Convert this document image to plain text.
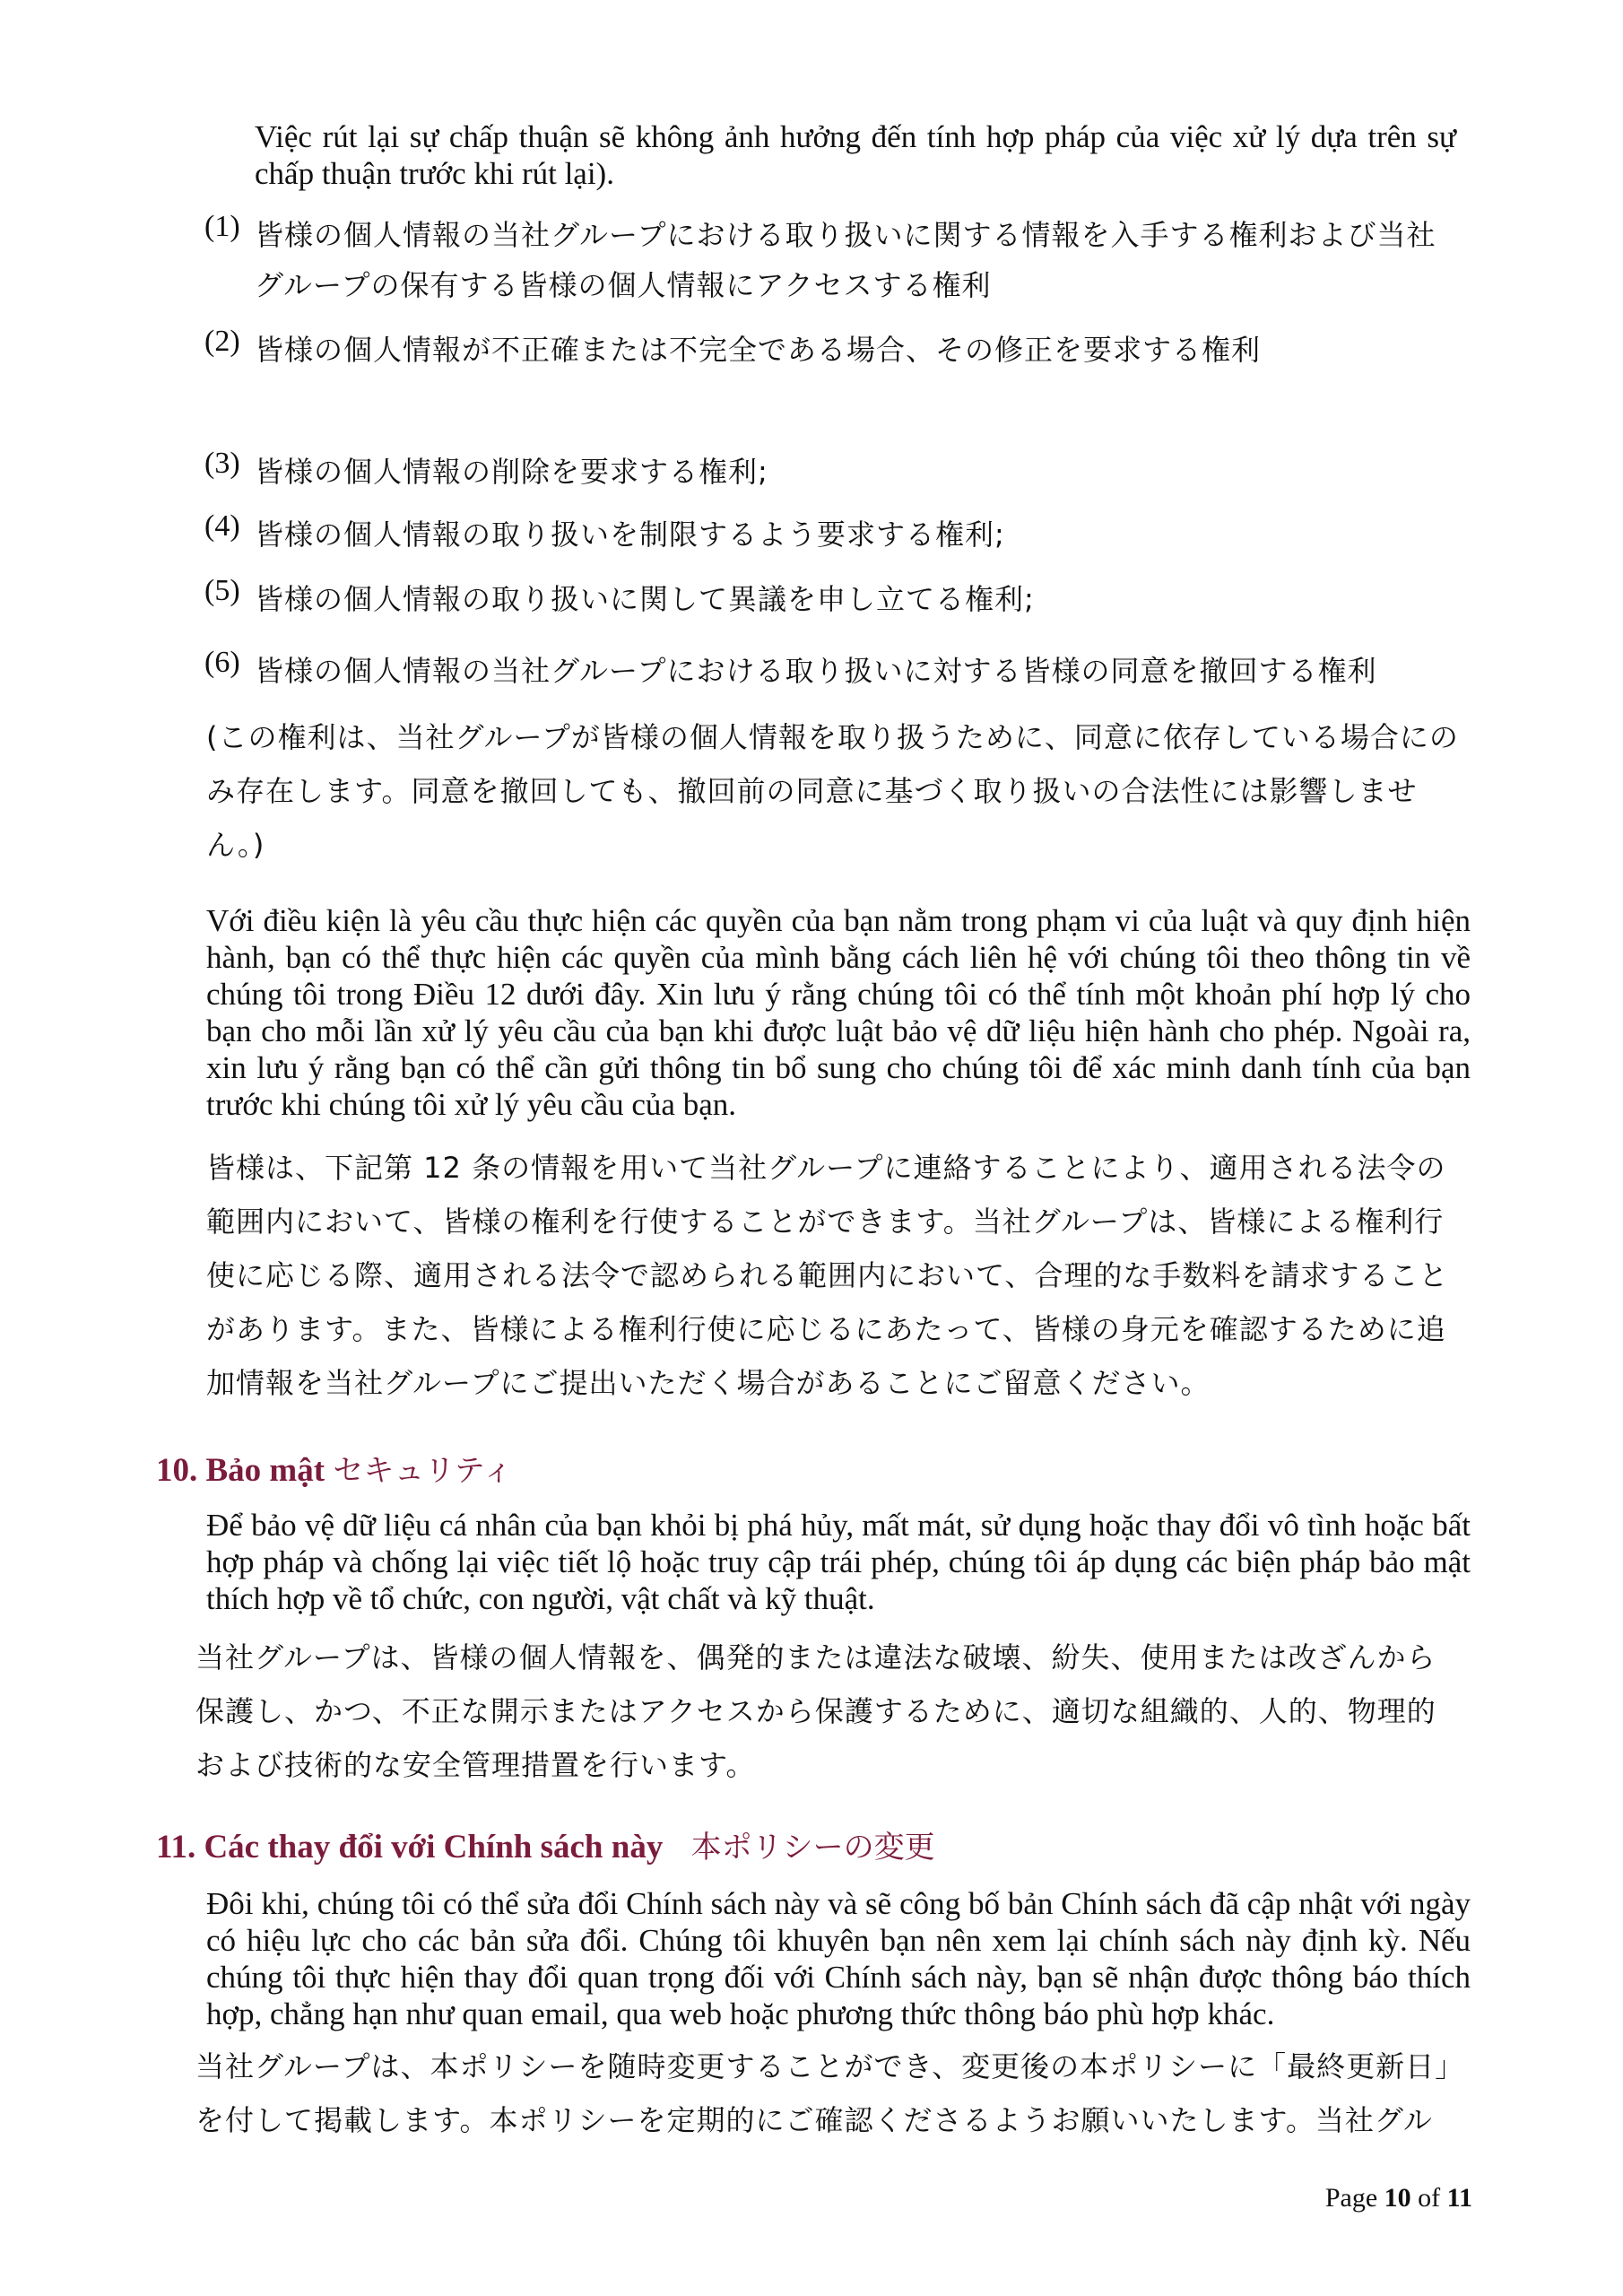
Việc rút lại sự chấp thuận sẽ không ảnh hưởng đến tính hợp pháp của việc xử lý dựa trên sự chấp thuận trước khi rút lại).
(1) 皆様の個人情報の当社グループにおける取り扱いに関する情報を入手する権利および当社グループの保有する皆様の個人情報にアクセスする権利
(2) 皆様の個人情報が不正確または不完全である場合、その修正を要求する権利
(3) 皆様の個人情報の削除を要求する権利;
(4) 皆様の個人情報の取り扱いを制限するよう要求する権利;
(5) 皆様の個人情報の取り扱いに関して異議を申し立てる権利;
(6) 皆様の個人情報の当社グループにおける取り扱いに対する皆様の同意を撤回する権利
(この権利は、当社グループが皆様の個人情報を取り扱うために、同意に依存している場合にのみ存在します。同意を撤回しても、撤回前の同意に基づく取り扱いの合法性には影響しません。)
Với điều kiện là yêu cầu thực hiện các quyền của bạn nằm trong phạm vi của luật và quy định hiện hành, bạn có thể thực hiện các quyền của mình bằng cách liên hệ với chúng tôi theo thông tin về chúng tôi trong Điều 12 dưới đây. Xin lưu ý rằng chúng tôi có thể tính một khoản phí hợp lý cho bạn cho mỗi lần xử lý yêu cầu của bạn khi được luật bảo vệ dữ liệu hiện hành cho phép. Ngoài ra, xin lưu ý rằng bạn có thể cần gửi thông tin bổ sung cho chúng tôi để xác minh danh tính của bạn trước khi chúng tôi xử lý yêu cầu của bạn.
皆様は、下記第 12 条の情報を用いて当社グループに連絡することにより、適用される法令の範囲内において、皆様の権利を行使することができます。当社グループは、皆様による権利行使に応じる際、適用される法令で認められる範囲内において、合理的な手数料を請求することがあります。また、皆様による権利行使に応じるにあたって、皆様の身元を確認するために追加情報を当社グループにご提出いただく場合があることにご留意ください。
10. Bảo mật セキュリティ
Để bảo vệ dữ liệu cá nhân của bạn khỏi bị phá hủy, mất mát, sử dụng hoặc thay đổi vô tình hoặc bất hợp pháp và chống lại việc tiết lộ hoặc truy cập trái phép, chúng tôi áp dụng các biện pháp bảo mật thích hợp về tổ chức, con người, vật chất và kỹ thuật.
当社グループは、皆様の個人情報を、偶発的または違法な破壊、紛失、使用または改ざんから保護し、かつ、不正な開示またはアクセスから保護するために、適切な組織的、人的、物理的および技術的な安全管理措置を行います。
11. Các thay đổi với Chính sách này 本ポリシーの変更
Đôi khi, chúng tôi có thể sửa đổi Chính sách này và sẽ công bố bản Chính sách đã cập nhật với ngày có hiệu lực cho các bản sửa đổi. Chúng tôi khuyên bạn nên xem lại chính sách này định kỳ. Nếu chúng tôi thực hiện thay đổi quan trọng đối với Chính sách này, bạn sẽ nhận được thông báo thích hợp, chẳng hạn như quan email, qua web hoặc phương thức thông báo phù hợp khác.
当社グループは、本ポリシーを随時変更することができ、変更後の本ポリシーに「最終更新日」を付して掲載します。本ポリシーを定期的にご確認くださるようお願いいたします。当社グル
Page 10 of 11
